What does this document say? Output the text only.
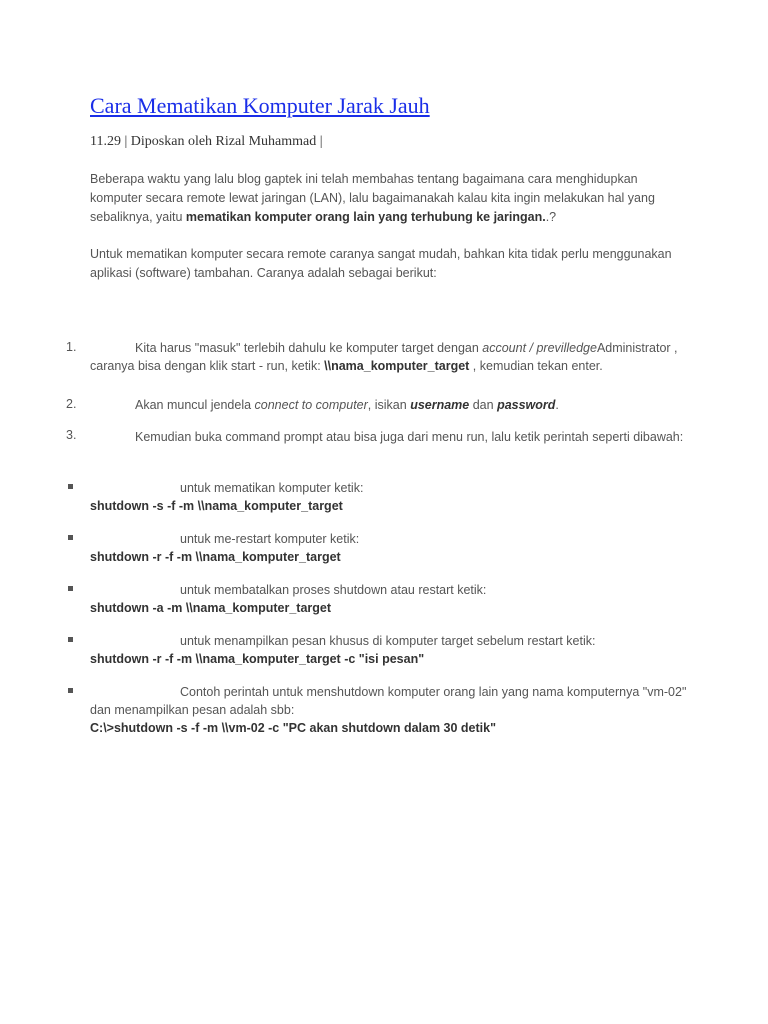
Cara Mematikan Komputer Jarak Jauh
11.29 | Diposkan oleh Rizal Muhammad |
Beberapa waktu yang lalu blog gaptek ini telah membahas tentang bagaimana cara menghidupkan komputer secara remote lewat jaringan (LAN), lalu bagaimanakah kalau kita ingin melakukan hal yang sebaliknya, yaitu mematikan komputer orang lain yang terhubung ke jaringan..?
Untuk mematikan komputer secara remote caranya sangat mudah, bahkan kita tidak perlu menggunakan aplikasi (software) tambahan. Caranya adalah sebagai berikut:
1.	Kita harus "masuk" terlebih dahulu ke komputer target dengan account / previlledgeAdministrator , caranya bisa dengan klik start - run, ketik: \\nama_komputer_target , kemudian tekan enter.
2.	Akan muncul jendela connect to computer, isikan username dan password.
3.	Kemudian buka command prompt atau bisa juga dari menu run, lalu ketik perintah seperti dibawah:
untuk mematikan komputer ketik:
shutdown -s -f -m \\nama_komputer_target
untuk me-restart komputer ketik:
shutdown -r -f -m \\nama_komputer_target
untuk membatalkan proses shutdown atau restart ketik:
shutdown -a -m \\nama_komputer_target
untuk menampilkan pesan khusus di komputer target sebelum restart ketik:
shutdown -r -f -m \\nama_komputer_target -c "isi pesan"
Contoh perintah untuk menshutdown komputer orang lain yang nama komputernya "vm-02" dan menampilkan pesan adalah sbb:
C:\>shutdown -s -f -m \\vm-02 -c "PC akan shutdown dalam 30 detik"
